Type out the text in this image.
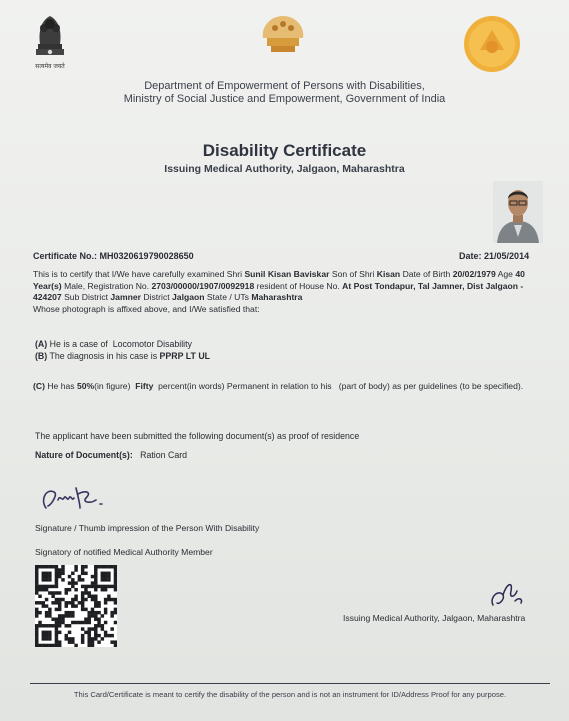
सत्यमेव जयते
Department of Empowerment of Persons with Disabilities,
Ministry of Social Justice and Empowerment, Government of India
Disability Certificate
Issuing Medical Authority, Jalgaon, Maharashtra
Certificate No.: MH0320619790028650	Date: 21/05/2014
This is to certify that I/We have carefully examined Shri Sunil Kisan Baviskar Son of Shri Kisan Date of Birth 20/02/1979 Age 40 Year(s) Male, Registration No. 2703/00000/1907/0092918 resident of House No. At Post Tondapur, Tal Jamner, Dist Jalgaon - 424207 Sub District Jamner District Jalgaon State / UTs Maharashtra
Whose photograph is affixed above, and I/We satisfied that:
(A) He is a case of Locomotor Disability
(B) The diagnosis in his case is PPRP LT UL
(C) He has 50%(in figure) Fifty percent(in words) Permanent in relation to his (part of body) as per guidelines (to be specified).
The applicant have been submitted the following document(s) as proof of residence
Nature of Document(s): Ration Card
Signature / Thumb impression of the Person With Disability
Signatory of notified Medical Authority Member
Issuing Medical Authority, Jalgaon, Maharashtra
This Card/Certificate is meant to certify the disability of the person and is not an instrument for ID/Address Proof for any purpose.
